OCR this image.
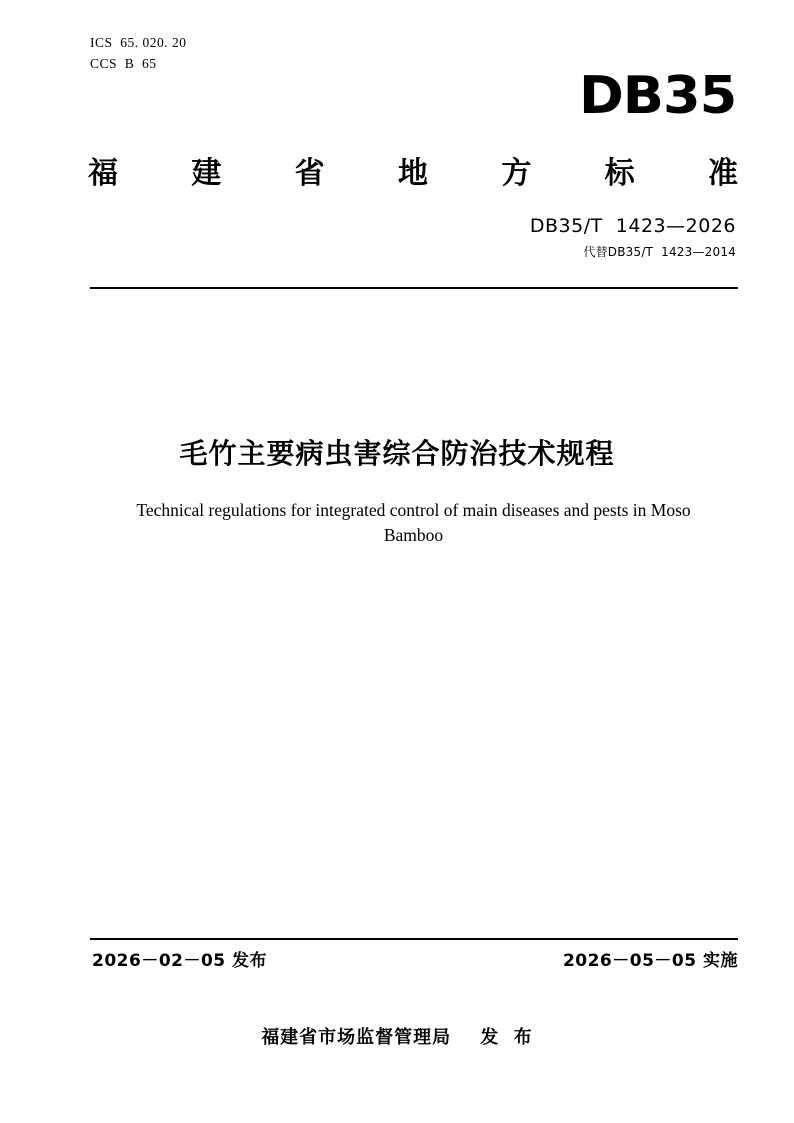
ICS  65. 020. 20
CCS  B  65
DB35
福 建 省 地 方 标 准
DB35/T  1423—2026
代替DB35/T  1423—2014
毛竹主要病虫害综合防治技术规程
Technical regulations for integrated control of main diseases and pests in Moso Bamboo
2026－02－05 发布	2026－05－05 实施
福建省市场监督管理局    发  布
